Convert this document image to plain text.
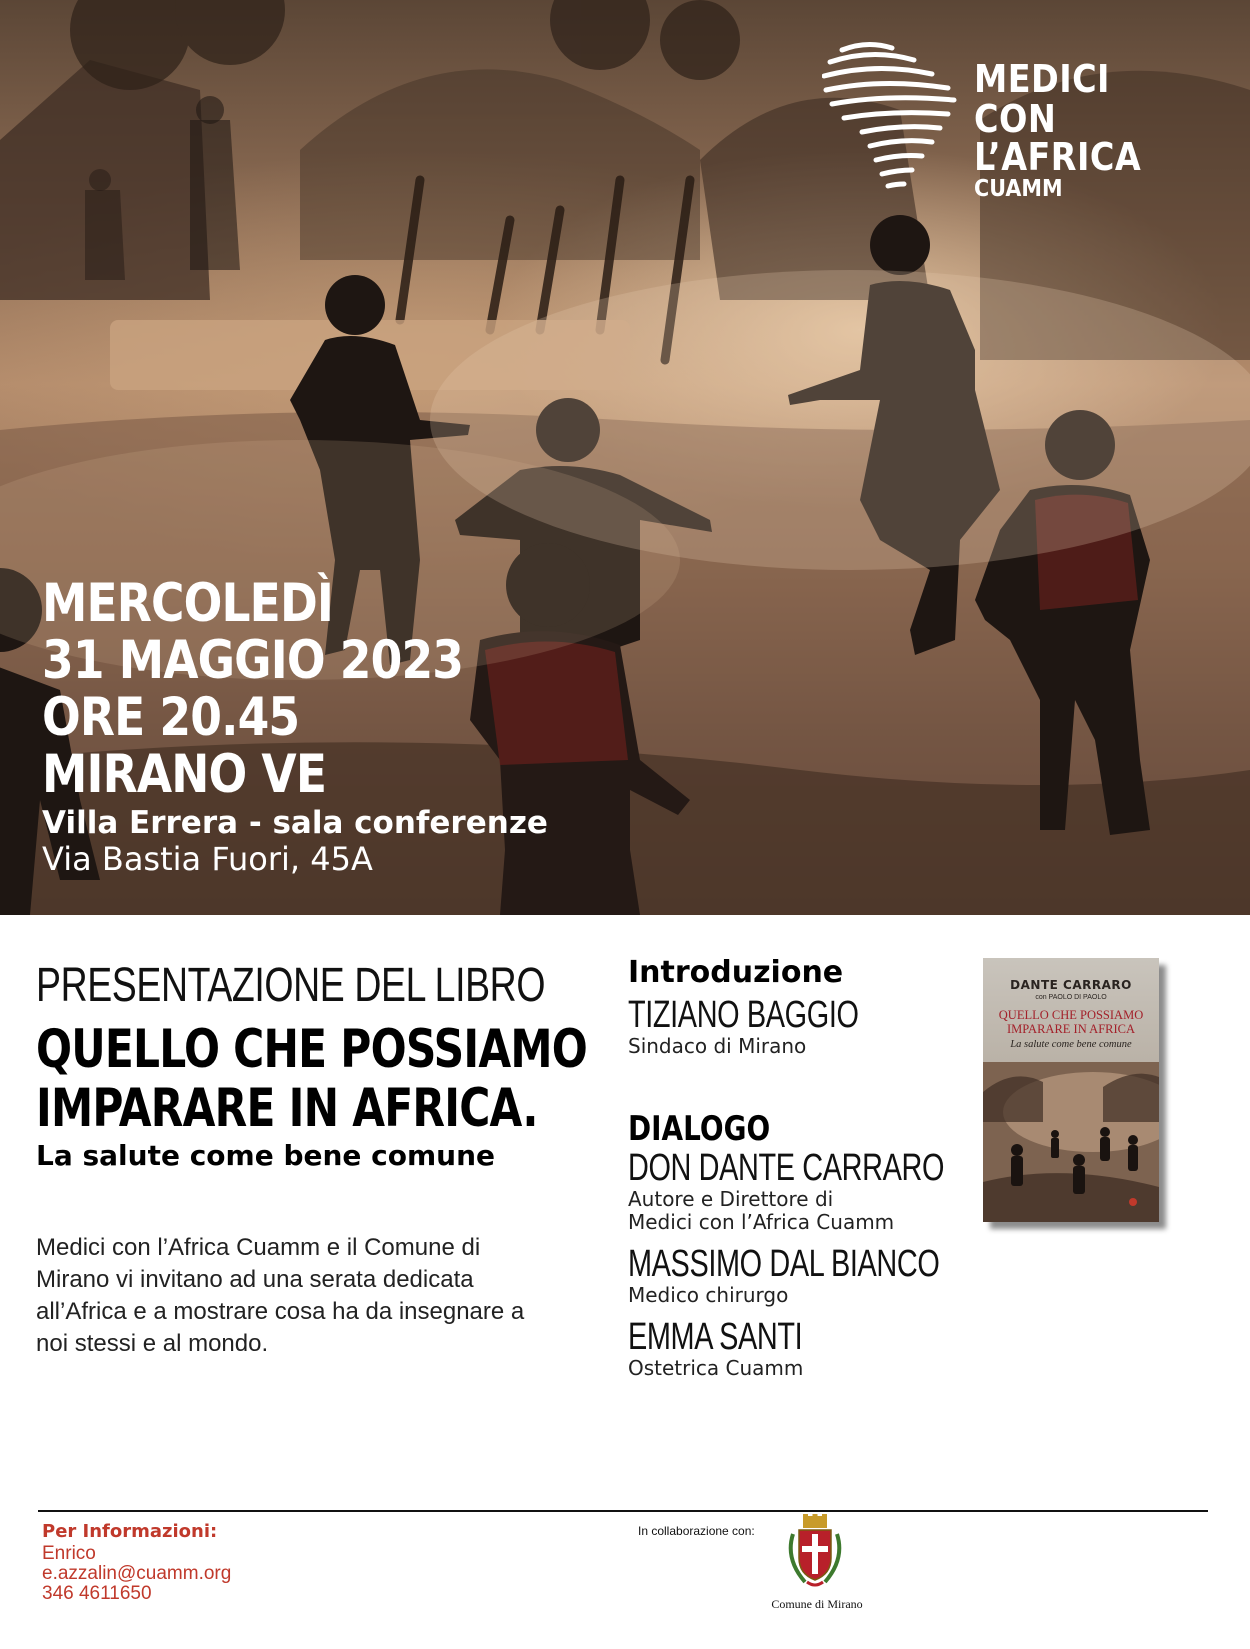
MEDICI
CON L’AFRICA
CUAMM
MERCOLEDÌ
31 MAGGIO 2023
ORE 20.45
MIRANO VE
Villa Errera - sala conferenze
Via Bastia Fuori, 45A
PRESENTAZIONE DEL LIBRO
QUELLO CHE POSSIAMO
IMPARARE IN AFRICA.
La salute come bene comune

Medici con l’Africa Cuamm e il Comune di Mirano vi invitano ad una serata dedicata all’Africa e a mostrare cosa ha da insegnare a noi stessi e al mondo.

Introduzione
TIZIANO BAGGIO
Sindaco di Mirano
DIALOGO
DON DANTE CARRARO
Autore e Direttore di
Medici con l’Africa Cuamm
MASSIMO DAL BIANCO
Medico chirurgo
EMMA SANTI
Ostetrica Cuamm
DANTE CARRARO
con PAOLO DI PAOLO
QUELLO CHE POSSIAMO IMPARARE IN AFRICA
La salute come bene comune
Per Informazioni:
Enrico
e.azzalin@cuamm.org
346 4611650
In collaborazione con:
Comune di Mirano
